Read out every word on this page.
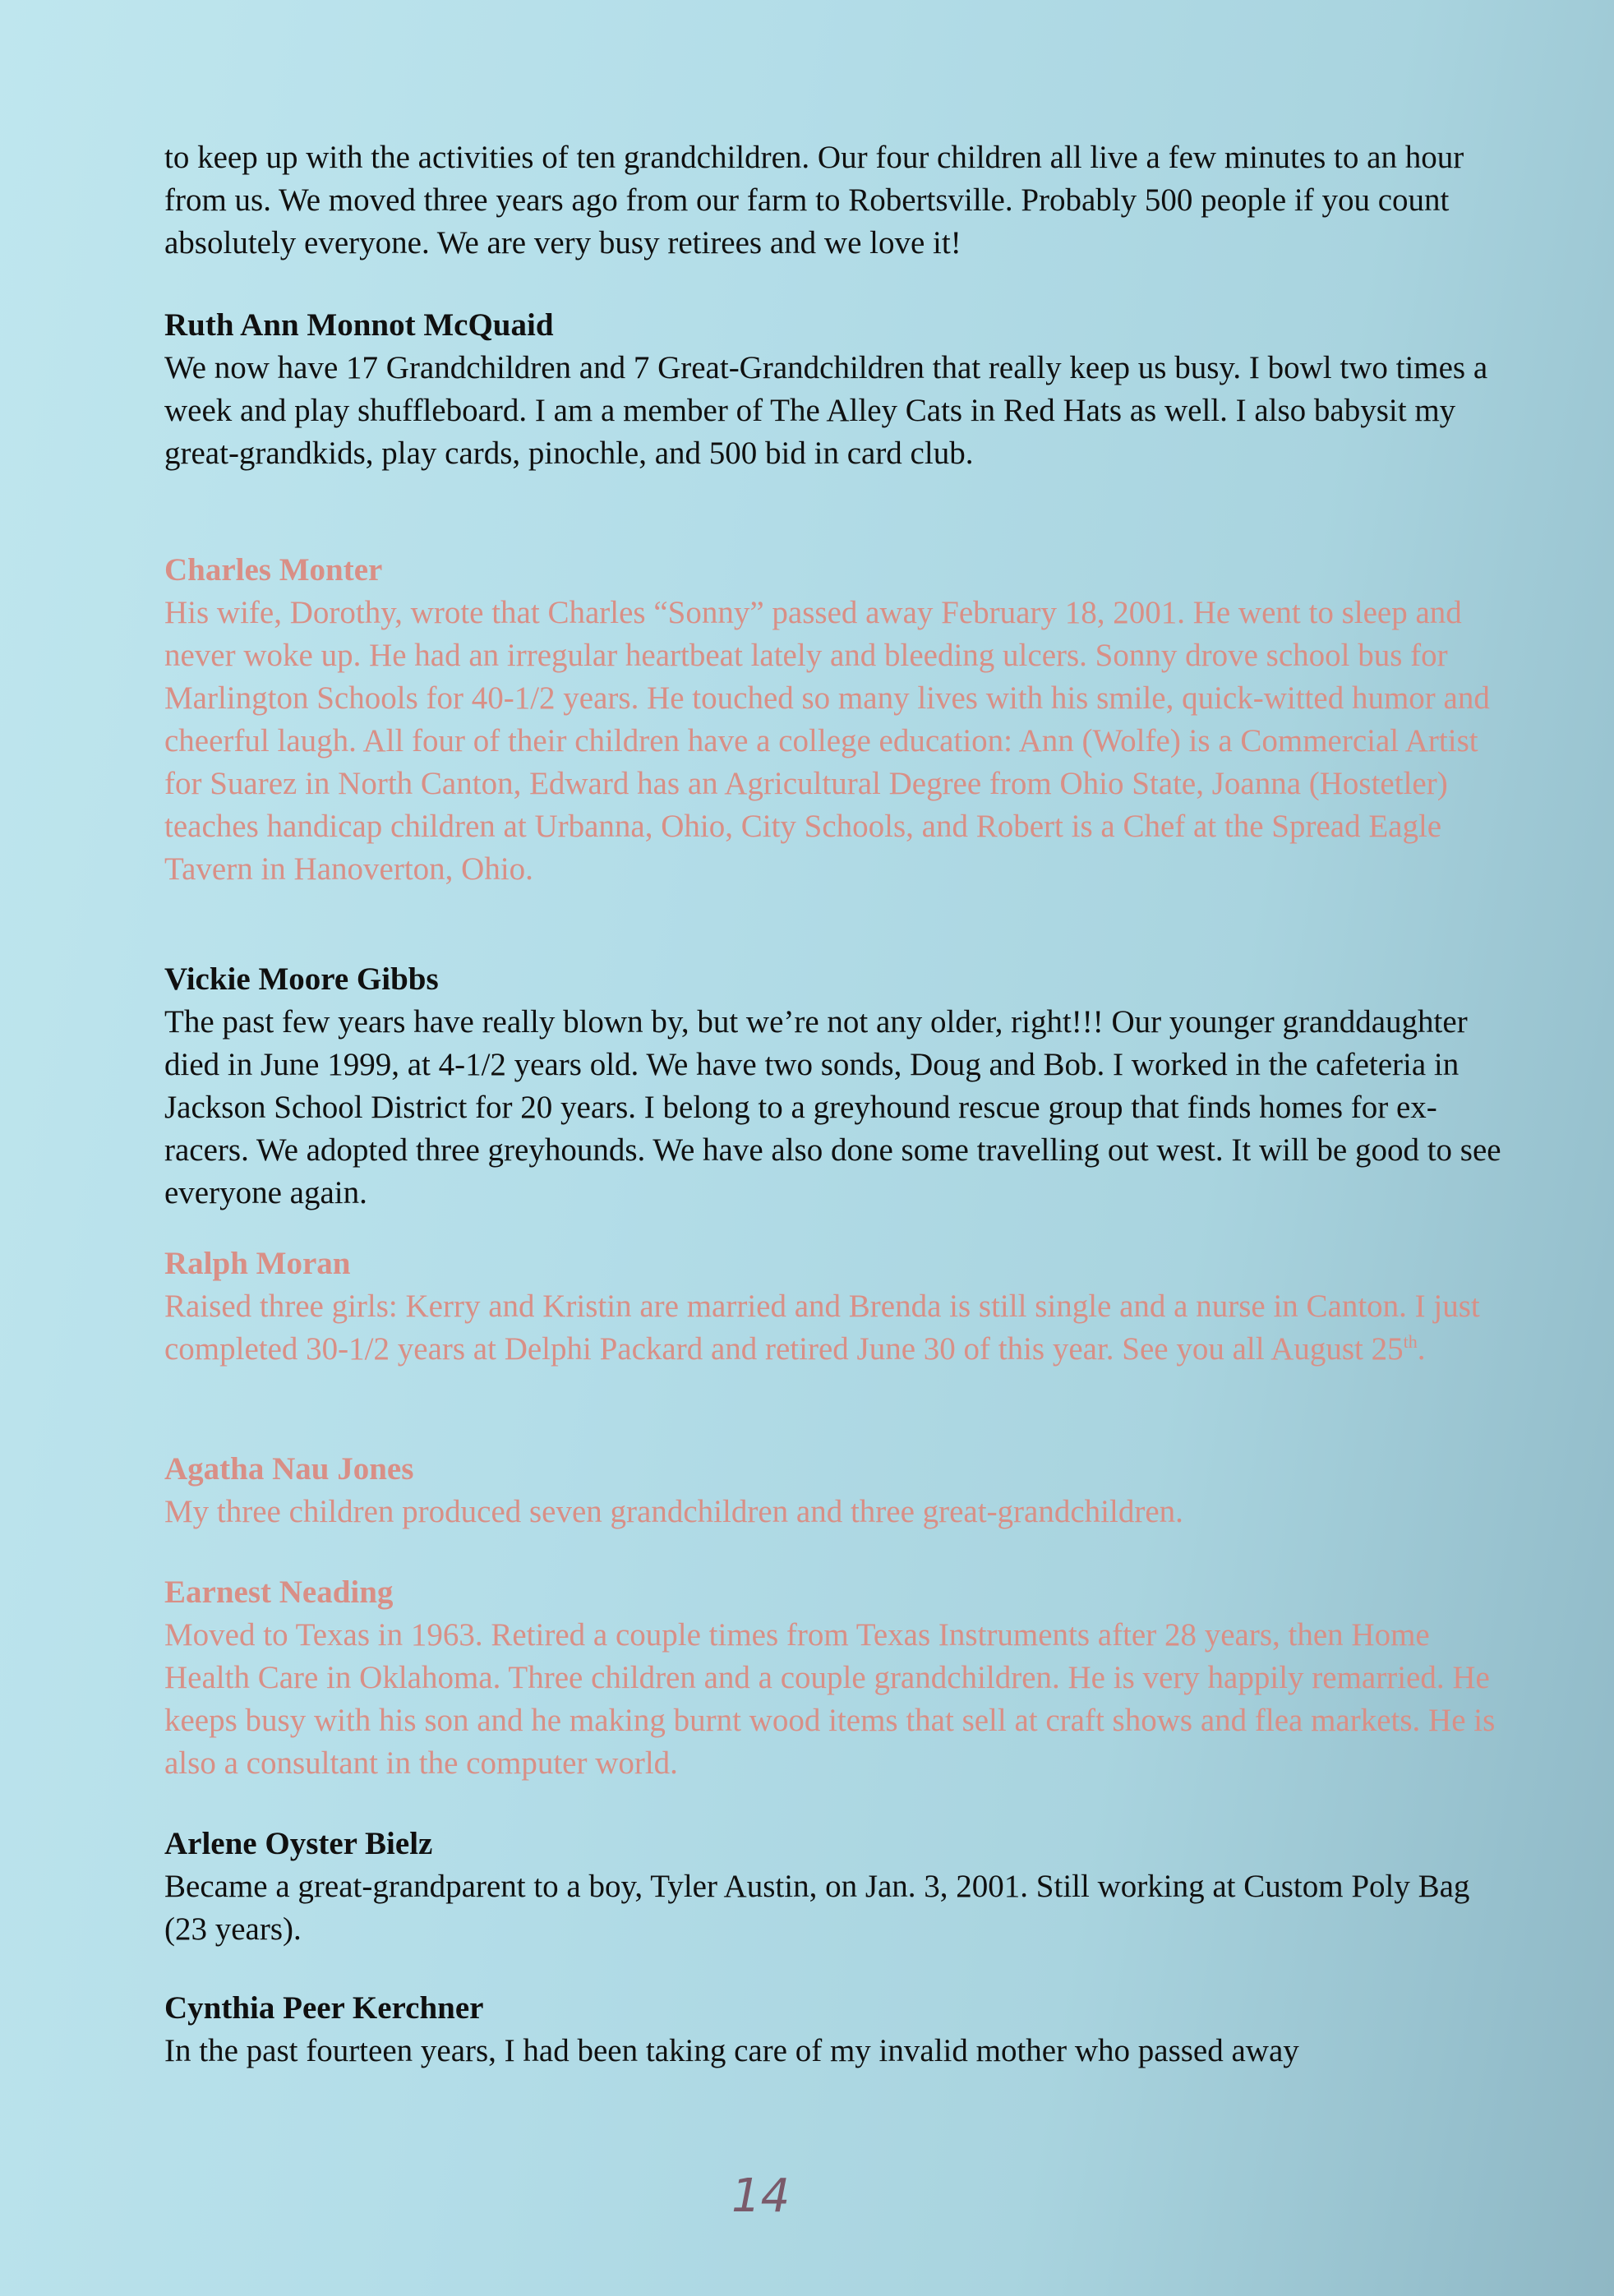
to keep up with the activities of ten grandchildren. Our four children all live a few minutes to an hour from us. We moved three years ago from our farm to Robertsville. Probably 500 people if you count absolutely everyone. We are very busy retirees and we love it!
Ruth Ann Monnot McQuaid
We now have 17 Grandchildren and 7 Great-Grandchildren that really keep us busy. I bowl two times a week and play shuffleboard. I am a member of The Alley Cats in Red Hats as well. I also babysit my great-grandkids, play cards, pinochle, and 500 bid in card club.
Charles Monter
His wife, Dorothy, wrote that Charles “Sonny” passed away February 18, 2001. He went to sleep and never woke up. He had an irregular heartbeat lately and bleeding ulcers. Sonny drove school bus for Marlington Schools for 40-1/2 years. He touched so many lives with his smile, quick-witted humor and cheerful laugh. All four of their children have a college education: Ann (Wolfe) is a Commercial Artist for Suarez in North Canton, Edward has an Agricultural Degree from Ohio State, Joanna (Hostetler) teaches handicap children at Urbanna, Ohio, City Schools, and Robert is a Chef at the Spread Eagle Tavern in Hanoverton, Ohio.
Vickie Moore Gibbs
The past few years have really blown by, but we’re not any older, right!!! Our younger granddaughter died in June 1999, at 4-1/2 years old. We have two sonds, Doug and Bob. I worked in the cafeteria in Jackson School District for 20 years. I belong to a greyhound rescue group that finds homes for ex-racers. We adopted three greyhounds. We have also done some travelling out west. It will be good to see everyone again.
Ralph Moran
Raised three girls: Kerry and Kristin are married and Brenda is still single and a nurse in Canton. I just completed 30-1/2 years at Delphi Packard and retired June 30 of this year. See you all August 25th.
Agatha Nau Jones
My three children produced seven grandchildren and three great-grandchildren.
Earnest Neading
Moved to Texas in 1963. Retired a couple times from Texas Instruments after 28 years, then Home Health Care in Oklahoma. Three children and a couple grandchildren. He is very happily remarried. He keeps busy with his son and he making burnt wood items that sell at craft shows and flea markets. He is also a consultant in the computer world.
Arlene Oyster Bielz
Became a great-grandparent to a boy, Tyler Austin, on Jan. 3, 2001. Still working at Custom Poly Bag (23 years).
Cynthia Peer Kerchner
In the past fourteen years, I had been taking care of my invalid mother who passed away
14
